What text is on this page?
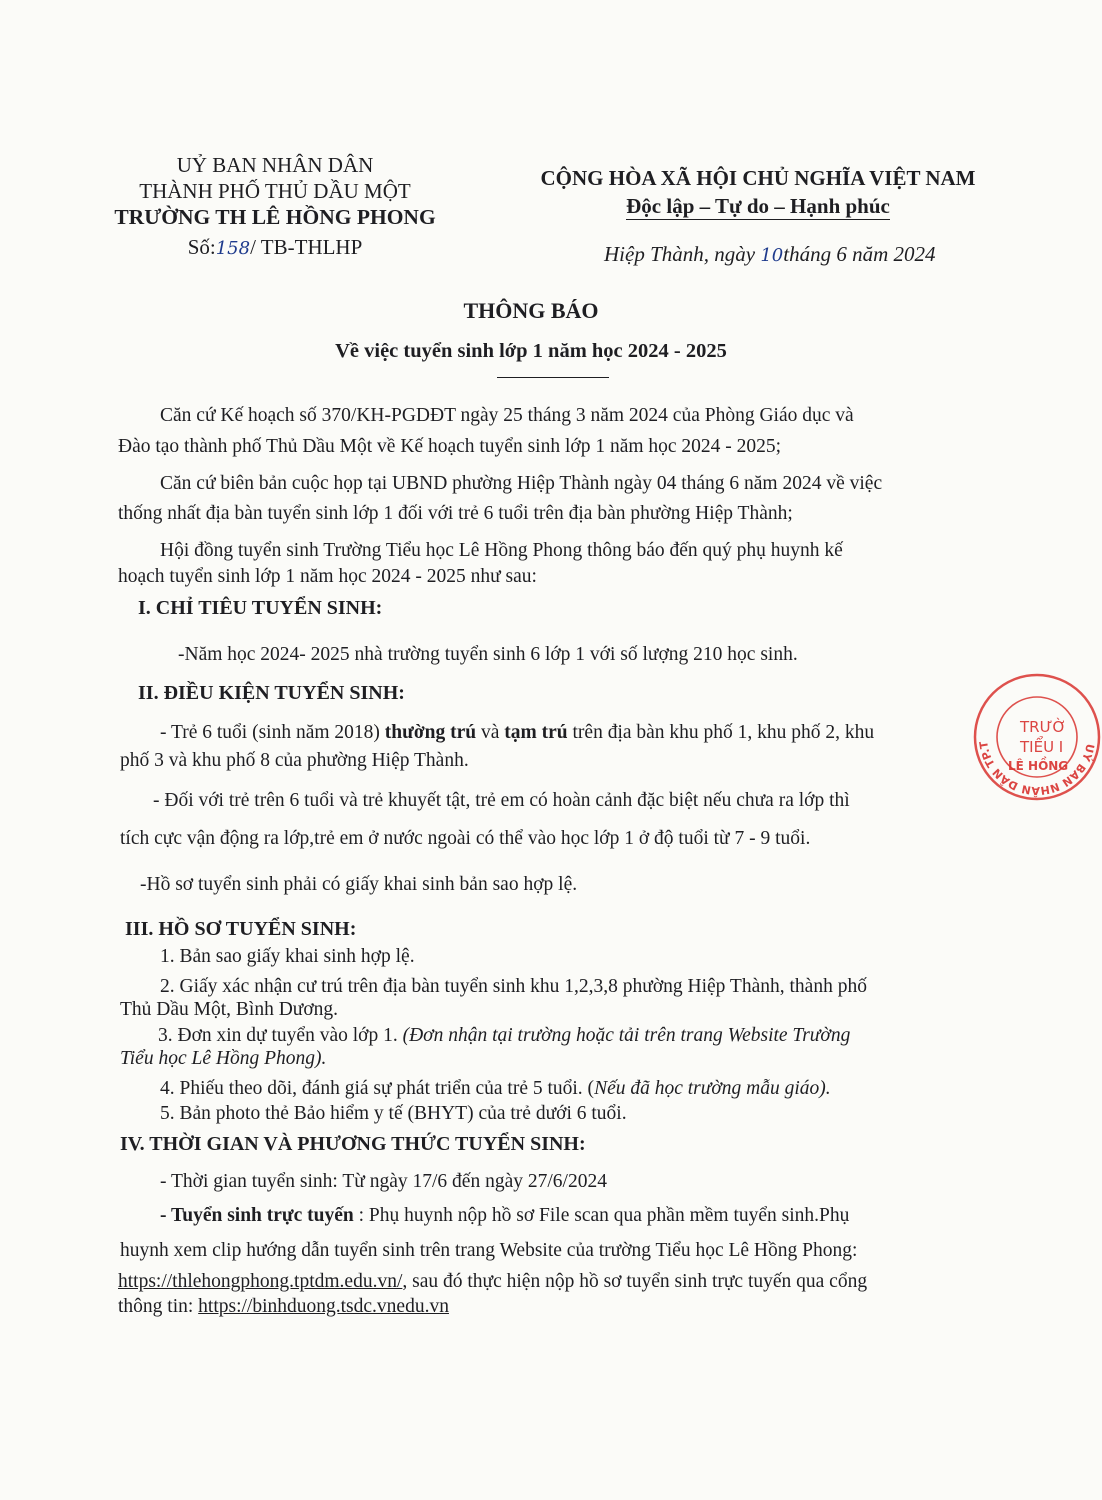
UỶ BAN NHÂN DÂN
THÀNH PHỐ THỦ DẦU MỘT
TRƯỜNG TH LÊ HỒNG PHONG
Số:158/ TB-THLHP
CỘNG HÒA XÃ HỘI CHỦ NGHĨA VIỆT NAM
Độc lập – Tự do – Hạnh phúc
Hiệp Thành, ngày 10tháng 6 năm 2024
THÔNG BÁO
Về việc tuyển sinh lớp 1 năm học 2024 - 2025
Căn cứ Kế hoạch số 370/KH-PGDĐT ngày 25 tháng 3 năm 2024 của Phòng Giáo dục và
Đào tạo thành phố Thủ Dầu Một về Kế hoạch tuyển sinh lớp 1 năm học 2024 - 2025;
Căn cứ biên bản cuộc họp tại UBND phường Hiệp Thành ngày 04 tháng 6 năm 2024 về việc
thống nhất địa bàn tuyển sinh lớp 1 đối với trẻ 6 tuổi trên địa bàn phường Hiệp Thành;
Hội đồng tuyển sinh Trường Tiểu học Lê Hồng Phong thông báo đến quý phụ huynh kế
hoạch tuyển sinh lớp 1 năm học 2024 - 2025 như sau:
I. CHỈ TIÊU TUYỂN SINH:
-Năm học 2024- 2025 nhà trường tuyển sinh 6 lớp 1 với số lượng 210 học sinh.
II. ĐIỀU KIỆN TUYỂN SINH:
- Trẻ 6 tuổi (sinh năm 2018) thường trú và tạm trú trên địa bàn khu phố 1, khu phố 2, khu
phố 3 và khu phố 8 của phường Hiệp Thành.
- Đối với trẻ trên 6 tuổi và trẻ khuyết tật, trẻ em có hoàn cảnh đặc biệt nếu chưa ra lớp thì
tích cực vận động ra lớp,trẻ em ở nước ngoài có thể vào học lớp 1 ở độ tuổi từ 7 - 9 tuổi.
-Hồ sơ tuyển sinh phải có giấy khai sinh bản sao hợp lệ.
III. HỒ SƠ TUYỂN SINH:
1. Bản sao giấy khai sinh hợp lệ.
2. Giấy xác nhận cư trú trên địa bàn tuyển sinh khu 1,2,3,8 phường Hiệp Thành, thành phố
Thủ Dầu Một, Bình Dương.
3. Đơn xin dự tuyển vào lớp 1. (Đơn nhận tại trường hoặc tải trên trang Website Trường
Tiểu học Lê Hồng Phong).
4. Phiếu theo dõi, đánh giá sự phát triển của trẻ 5 tuổi. (Nếu đã học trường mẫu giáo).
5. Bản photo thẻ Bảo hiểm y tế (BHYT) của trẻ dưới 6 tuổi.
IV. THỜI GIAN VÀ PHƯƠNG THỨC TUYỂN SINH:
- Thời gian tuyển sinh: Từ ngày 17/6 đến ngày 27/6/2024
- Tuyển sinh trực tuyến : Phụ huynh nộp hồ sơ File scan qua phần mềm tuyển sinh.Phụ
huynh xem clip hướng dẫn tuyển sinh trên trang Website của trường Tiểu học Lê Hồng Phong:
https://thlehongphong.tptdm.edu.vn/, sau đó thực hiện nộp hồ sơ tuyển sinh trực tuyến qua cổng
thông tin: https://binhduong.tsdc.vnedu.vn
UỶ BAN NHÂN DÂN TP.T
TRƯỜ
TIỂU I
LÊ HỒNG
